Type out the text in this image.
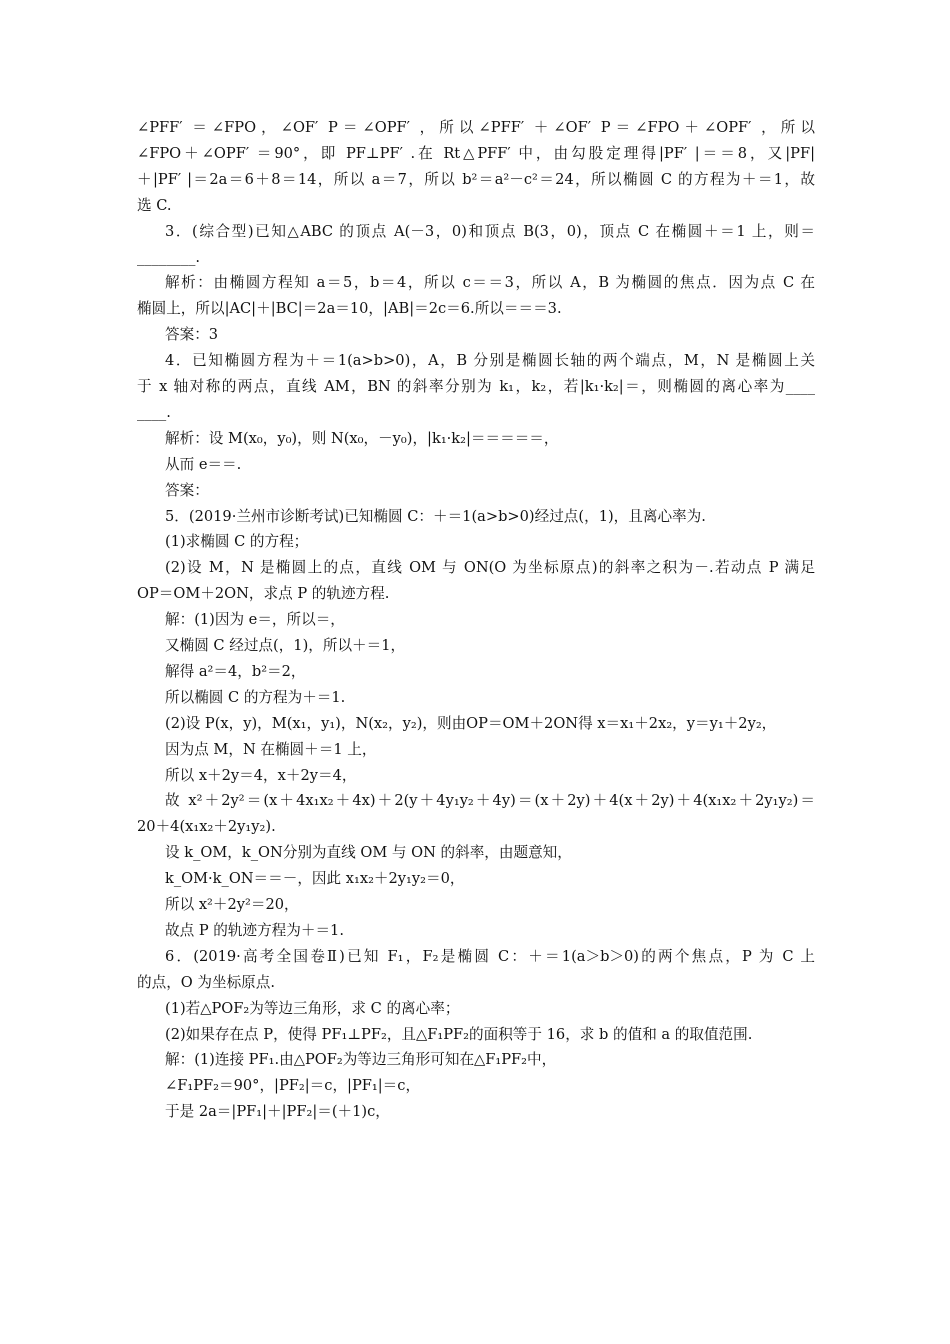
∠PFF′ ＝∠FPO，∠OF′ P＝∠OPF′ ，所以∠PFF′ ＋∠OF′ P＝∠FPO＋∠OPF′ ，所以
∠FPO＋∠OPF′ ＝90°，即 PF⊥PF′ .在 Rt△PFF′ 中，由勾股定理得|PF′ |＝＝8，又|PF|
＋|PF′ |＝2a＝6＋8＝14，所以 a＝7，所以 b²＝a²－c²＝24，所以椭圆 C 的方程为＋＝1，故
选 C.
3．(综合型)已知△ABC 的顶点 A(－3，0)和顶点 B(3，0)，顶点 C 在椭圆＋＝1 上，则＝
________.
解析：由椭圆方程知 a＝5，b＝4，所以 c＝＝3，所以 A，B 为椭圆的焦点．因为点 C 在
椭圆上，所以|AC|＋|BC|＝2a＝10，|AB|＝2c＝6.所以＝＝＝3.
答案：3
4．已知椭圆方程为＋＝1(a>b>0)，A，B 分别是椭圆长轴的两个端点，M，N 是椭圆上关
于 x 轴对称的两点，直线 AM，BN 的斜率分别为 k₁，k₂，若|k₁·k₂|＝，则椭圆的离心率为____
____.
解析：设 M(x₀，y₀)，则 N(x₀，－y₀)，|k₁·k₂|＝＝＝＝＝，
从而 e＝＝.
答案：
5．(2019·兰州市诊断考试)已知椭圆 C：＋＝1(a>b>0)经过点(，1)，且离心率为.
(1)求椭圆 C 的方程；
(2)设 M，N 是椭圆上的点，直线 OM 与 ON(O 为坐标原点)的斜率之积为－.若动点 P 满足
OP＝OM＋2ON，求点 P 的轨迹方程.
解：(1)因为 e＝，所以＝，
又椭圆 C 经过点(，1)，所以＋＝1，
解得 a²＝4，b²＝2，
所以椭圆 C 的方程为＋＝1.
(2)设 P(x，y)，M(x₁，y₁)，N(x₂，y₂)，则由OP＝OM＋2ON得 x＝x₁＋2x₂，y＝y₁＋2y₂，
因为点 M，N 在椭圆＋＝1 上，
所以 x＋2y＝4，x＋2y＝4，
故 x²＋2y²＝(x＋4x₁x₂＋4x)＋2(y＋4y₁y₂＋4y)＝(x＋2y)＋4(x＋2y)＋4(x₁x₂＋2y₁y₂)＝
20＋4(x₁x₂＋2y₁y₂).
设 k_OM，k_ON分别为直线 OM 与 ON 的斜率，由题意知，
k_OM·k_ON＝＝－，因此 x₁x₂＋2y₁y₂＝0，
所以 x²＋2y²＝20，
故点 P 的轨迹方程为＋＝1.
6．(2019·高考全国卷Ⅱ)已知 F₁，F₂是椭圆 C：＋＝1(a＞b＞0)的两个焦点，P 为 C 上
的点，O 为坐标原点.
(1)若△POF₂为等边三角形，求 C 的离心率；
(2)如果存在点 P，使得 PF₁⊥PF₂，且△F₁PF₂的面积等于 16，求 b 的值和 a 的取值范围.
解：(1)连接 PF₁.由△POF₂为等边三角形可知在△F₁PF₂中，
∠F₁PF₂＝90°，|PF₂|＝c，|PF₁|＝c，
于是 2a＝|PF₁|＋|PF₂|＝(＋1)c，
